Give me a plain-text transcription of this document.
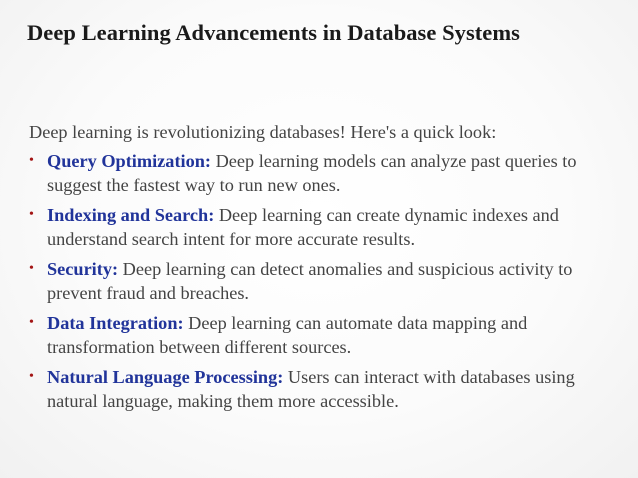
Deep Learning Advancements in Database Systems

Deep learning is revolutionizing databases! Here's a quick look:

• Query Optimization: Deep learning models can analyze past queries to suggest the fastest way to run new ones.
• Indexing and Search: Deep learning can create dynamic indexes and understand search intent for more accurate results.
• Security: Deep learning can detect anomalies and suspicious activity to prevent fraud and breaches.
• Data Integration: Deep learning can automate data mapping and transformation between different sources.
• Natural Language Processing: Users can interact with databases using natural language, making them more accessible.
